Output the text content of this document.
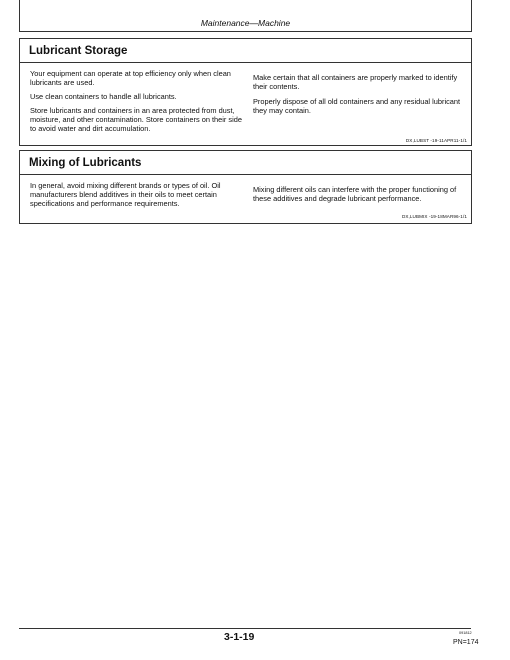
Maintenance—Machine
Lubricant Storage
Your equipment can operate at top efficiency only when clean lubricants are used.
Use clean containers to handle all lubricants.
Store lubricants and containers in an area protected from dust, moisture, and other contamination. Store containers on their side to avoid water and dirt accumulation.
Make certain that all containers are properly marked to identify their contents.
Properly dispose of all old containers and any residual lubricant they may contain.
DX,LUBST -19-11APR11-1/1
Mixing of Lubricants
In general, avoid mixing different brands or types of oil. Oil manufacturers blend additives in their oils to meet certain specifications and performance requirements.
Mixing different oils can interfere with the proper functioning of these additives and degrade lubricant performance.
DX,LUBMIX -19-18MAR96-1/1
3-1-19	091812
PN=174
